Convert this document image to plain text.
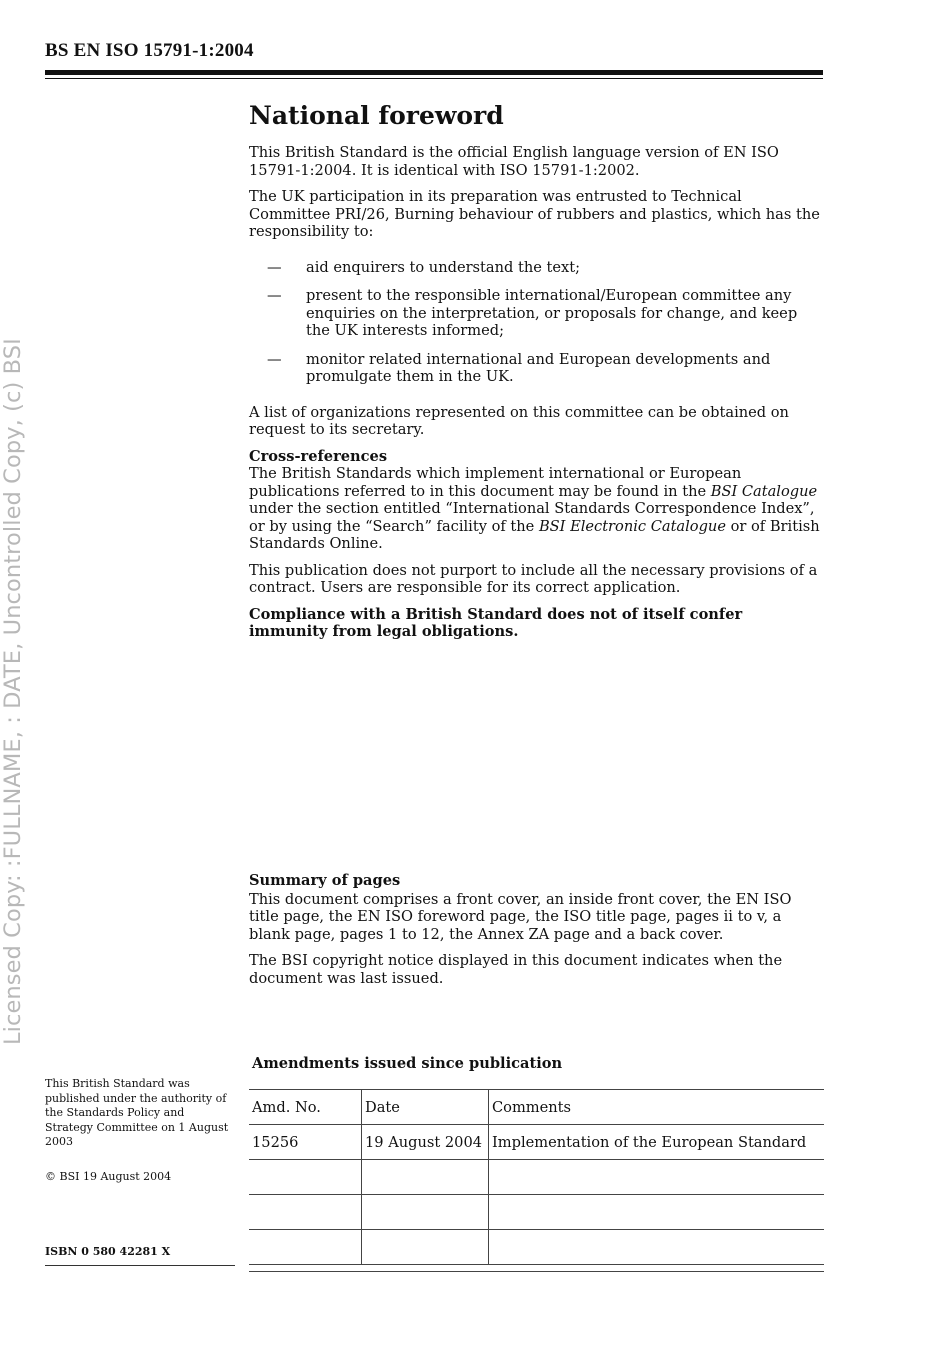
BS EN ISO 15791-1:2004
Licensed Copy: :FULLNAME, : DATE, Uncontrolled Copy, (c) BSI
National foreword

This British Standard is the official English language version of EN ISO 15791-1:2004. It is identical with ISO 15791-1:2002.

The UK participation in its preparation was entrusted to Technical Committee PRI/26, Burning behaviour of rubbers and plastics, which has the responsibility to:

— aid enquirers to understand the text;
— present to the responsible international/European committee any enquiries on the interpretation, or proposals for change, and keep the UK interests informed;
— monitor related international and European developments and promulgate them in the UK.

A list of organizations represented on this committee can be obtained on request to its secretary.

Cross-references

The British Standards which implement international or European publications referred to in this document may be found in the BSI Catalogue under the section entitled “International Standards Correspondence Index”, or by using the “Search” facility of the BSI Electronic Catalogue or of British Standards Online.

This publication does not purport to include all the necessary provisions of a contract. Users are responsible for its correct application.

Compliance with a British Standard does not of itself confer immunity from legal obligations.

Summary of pages

This document comprises a front cover, an inside front cover, the EN ISO title page, the EN ISO foreword page, the ISO title page, pages ii to v, a blank page, pages 1 to 12, the Annex ZA page and a back cover.

The BSI copyright notice displayed in this document indicates when the document was last issued.

This British Standard was published under the authority of the Standards Policy and Strategy Committee on 1 August 2003
© BSI 19 August 2004
ISBN 0 580 42281 X
Amendments issued since publication
Amd. No.	Date	Comments
15256	19 August 2004	Implementation of the European Standard
